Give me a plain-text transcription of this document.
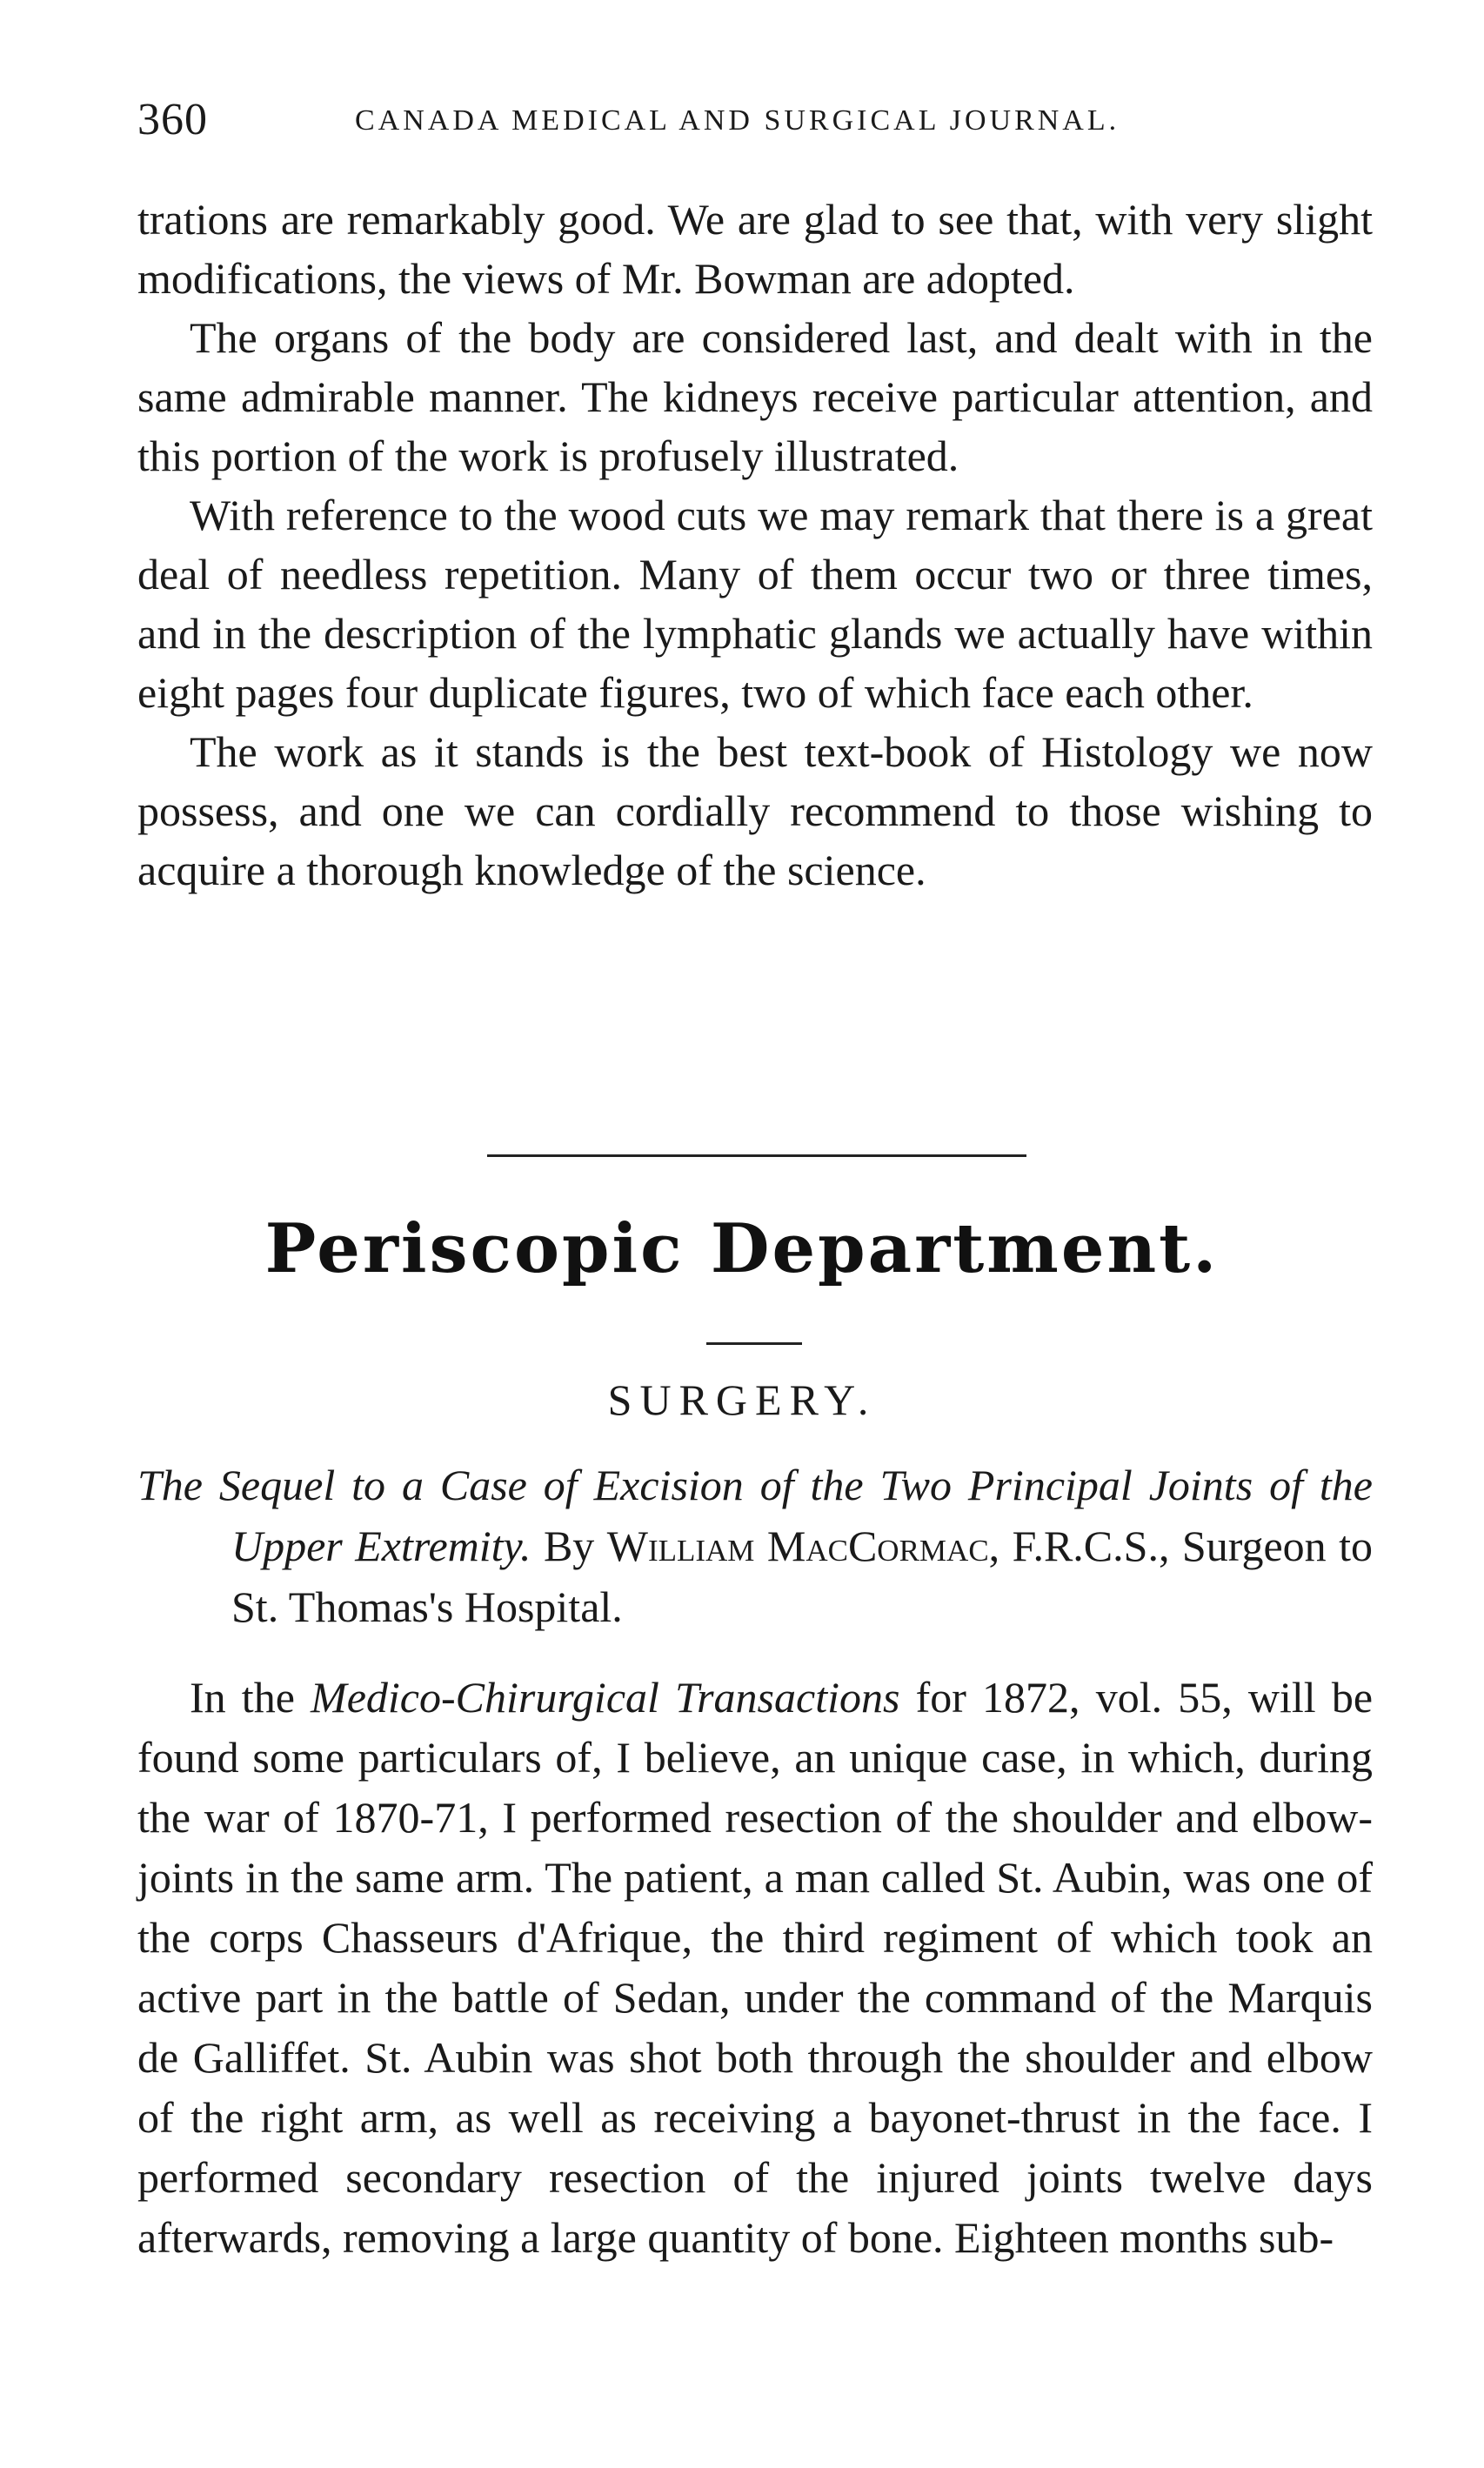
360	CANADA MEDICAL AND SURGICAL JOURNAL.

trations are remarkably good. We are glad to see that, with very slight modifications, the views of Mr. Bowman are adopted.

The organs of the body are considered last, and dealt with in the same admirable manner. The kidneys receive particular attention, and this portion of the work is profusely illustrated.

With reference to the wood cuts we may remark that there is a great deal of needless repetition. Many of them occur two or three times, and in the description of the lymphatic glands we actually have within eight pages four duplicate figures, two of which face each other.

The work as it stands is the best text-book of Histology we now possess, and one we can cordially recommend to those wishing to acquire a thorough knowledge of the science.

Periscopic Department.
SURGERY.
The Sequel to a Case of Excision of the Two Principal Joints of the Upper Extremity. By William MacCormac, F.R.C.S., Surgeon to St. Thomas's Hospital.

In the Medico-Chirurgical Transactions for 1872, vol. 55, will be found some particulars of, I believe, an unique case, in which, during the war of 1870-71, I performed resection of the shoulder and elbow-joints in the same arm. The patient, a man called St. Aubin, was one of the corps Chasseurs d'Afrique, the third regiment of which took an active part in the battle of Sedan, under the command of the Marquis de Galliffet. St. Aubin was shot both through the shoulder and elbow of the right arm, as well as receiving a bayonet-thrust in the face. I performed secondary resection of the injured joints twelve days afterwards, removing a large quantity of bone. Eighteen months sub-
